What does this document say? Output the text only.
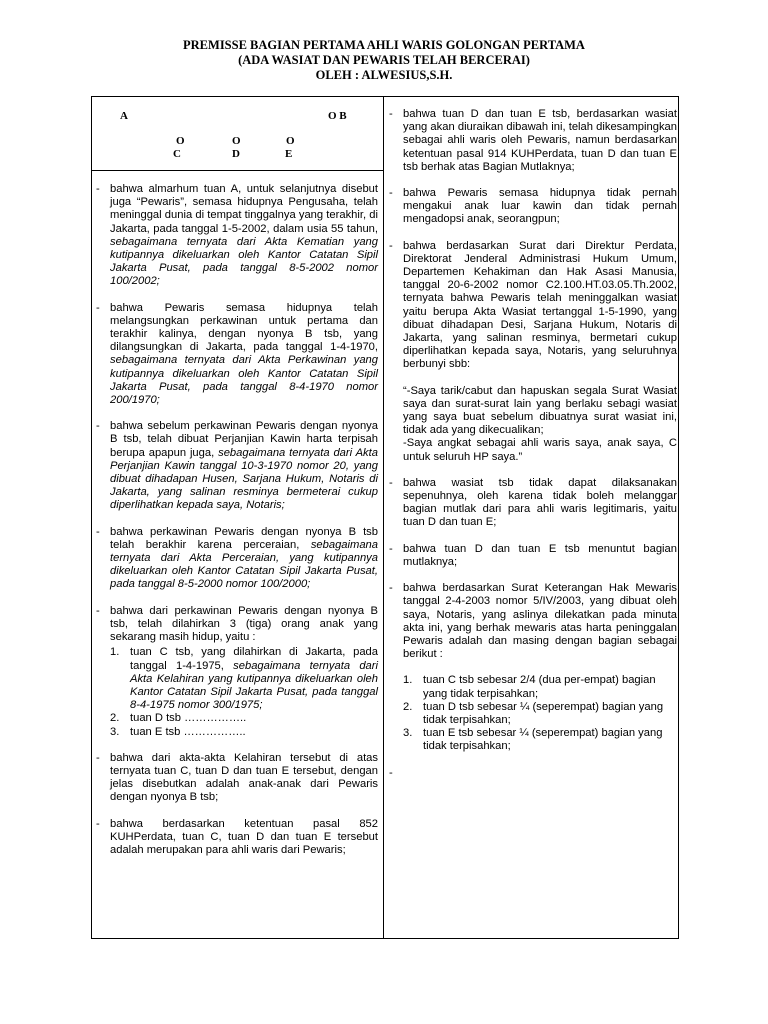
PREMISSE BAGIAN PERTAMA AHLI WARIS GOLONGAN PERTAMA
(ADA WASIAT DAN PEWARIS TELAH BERCERAI)
OLEH : ALWESIUS,S.H.
A	O B
O	O	O
C	D	E
- bahwa almarhum tuan A, untuk selanjutnya disebut juga “Pewaris”, semasa hidupnya Pengusaha, telah meninggal dunia di tempat tinggalnya yang terakhir, di Jakarta, pada tanggal 1-5-2002, dalam usia 55 tahun, sebagaimana ternyata dari Akta Kematian yang kutipannya dikeluarkan oleh Kantor Catatan Sipil Jakarta Pusat, pada tanggal 8-5-2002 nomor 100/2002;

- bahwa Pewaris semasa hidupnya telah melangsungkan perkawinan untuk pertama dan terakhir kalinya, dengan nyonya B tsb, yang dilangsungkan di Jakarta, pada tanggal 1-4-1970, sebagaimana ternyata dari Akta Perkawinan yang kutipannya dikeluarkan oleh Kantor Catatan Sipil Jakarta Pusat, pada tanggal 8-4-1970 nomor 200/1970;

- bahwa sebelum perkawinan Pewaris dengan nyonya B tsb, telah dibuat Perjanjian Kawin harta terpisah berupa apapun juga, sebagaimana ternyata dari Akta Perjanjian Kawin tanggal 10-3-1970 nomor 20, yang dibuat dihadapan Husen, Sarjana Hukum, Notaris di Jakarta, yang salinan resminya bermeterai cukup diperlihatkan kepada saya, Notaris;

- bahwa perkawinan Pewaris dengan nyonya B tsb telah berakhir karena perceraian, sebagaimana ternyata dari Akta Perceraian, yang kutipannya dikeluarkan oleh Kantor Catatan Sipil Jakarta Pusat, pada tanggal 8-5-2000 nomor 100/2000;

- bahwa dari perkawinan Pewaris dengan nyonya B tsb, telah dilahirkan 3 (tiga) orang anak yang sekarang masih hidup, yaitu :

1. tuan C tsb, yang dilahirkan di Jakarta, pada tanggal 1-4-1975, sebagaimana ternyata dari Akta Kelahiran yang kutipannya dikeluarkan oleh Kantor Catatan Sipil Jakarta Pusat, pada tanggal 8-4-1975 nomor 300/1975;

2. tuan D tsb ……………..

3. tuan E tsb ……………..

- bahwa dari akta-akta Kelahiran tersebut di atas ternyata tuan C, tuan D dan tuan E tersebut, dengan jelas disebutkan adalah anak-anak dari Pewaris dengan nyonya B tsb;

- bahwa berdasarkan ketentuan pasal 852 KUHPerdata, tuan C, tuan D dan tuan E tersebut adalah merupakan para ahli waris dari Pewaris;

- bahwa tuan D dan tuan E tsb, berdasarkan wasiat yang akan diuraikan dibawah ini, telah dikesampingkan sebagai ahli waris oleh Pewaris, namun berdasarkan ketentuan pasal 914 KUHPerdata, tuan D dan tuan E tsb berhak atas Bagian Mutlaknya;

- bahwa Pewaris semasa hidupnya tidak pernah mengakui anak luar kawin dan tidak pernah mengadopsi anak, seorangpun;

- bahwa berdasarkan Surat dari Direktur Perdata, Direktorat Jenderal Administrasi Hukum Umum, Departemen Kehakiman dan Hak Asasi Manusia, tanggal 20-6-2002 nomor C2.100.HT.03.05.Th.2002, ternyata bahwa Pewaris telah meninggalkan wasiat yaitu berupa Akta Wasiat tertanggal 1-5-1990, yang dibuat dihadapan Desi, Sarjana Hukum, Notaris di Jakarta, yang salinan resminya, bermetari cukup diperlihatkan kepada saya, Notaris, yang seluruhnya berbunyi sbb:

“-Saya tarik/cabut dan hapuskan segala Surat Wasiat saya dan surat-surat lain yang berlaku sebagi wasiat yang saya buat sebelum dibuatnya surat wasiat ini, tidak ada yang dikecualikan;

-Saya angkat sebagai ahli waris saya, anak saya, C untuk seluruh HP saya.”

- bahwa wasiat tsb tidak dapat dilaksanakan sepenuhnya, oleh karena tidak boleh melanggar bagian mutlak dari para ahli waris legitimaris, yaitu tuan D dan tuan E;

- bahwa tuan D dan tuan E tsb menuntut bagian mutlaknya;

- bahwa berdasarkan Surat Keterangan Hak Mewaris tanggal 2-4-2003 nomor 5/IV/2003, yang dibuat oleh saya, Notaris, yang aslinya dilekatkan pada minuta akta ini, yang berhak mewaris atas harta peninggalan Pewaris adalah dan masing dengan bagian sebagai berikut :

1. tuan C tsb sebesar 2/4 (dua per-empat) bagian yang tidak terpisahkan;

2. tuan D tsb sebesar ¼ (seperempat) bagian yang tidak terpisahkan;

3. tuan E tsb sebesar ¼ (seperempat) bagian yang tidak terpisahkan;

-
